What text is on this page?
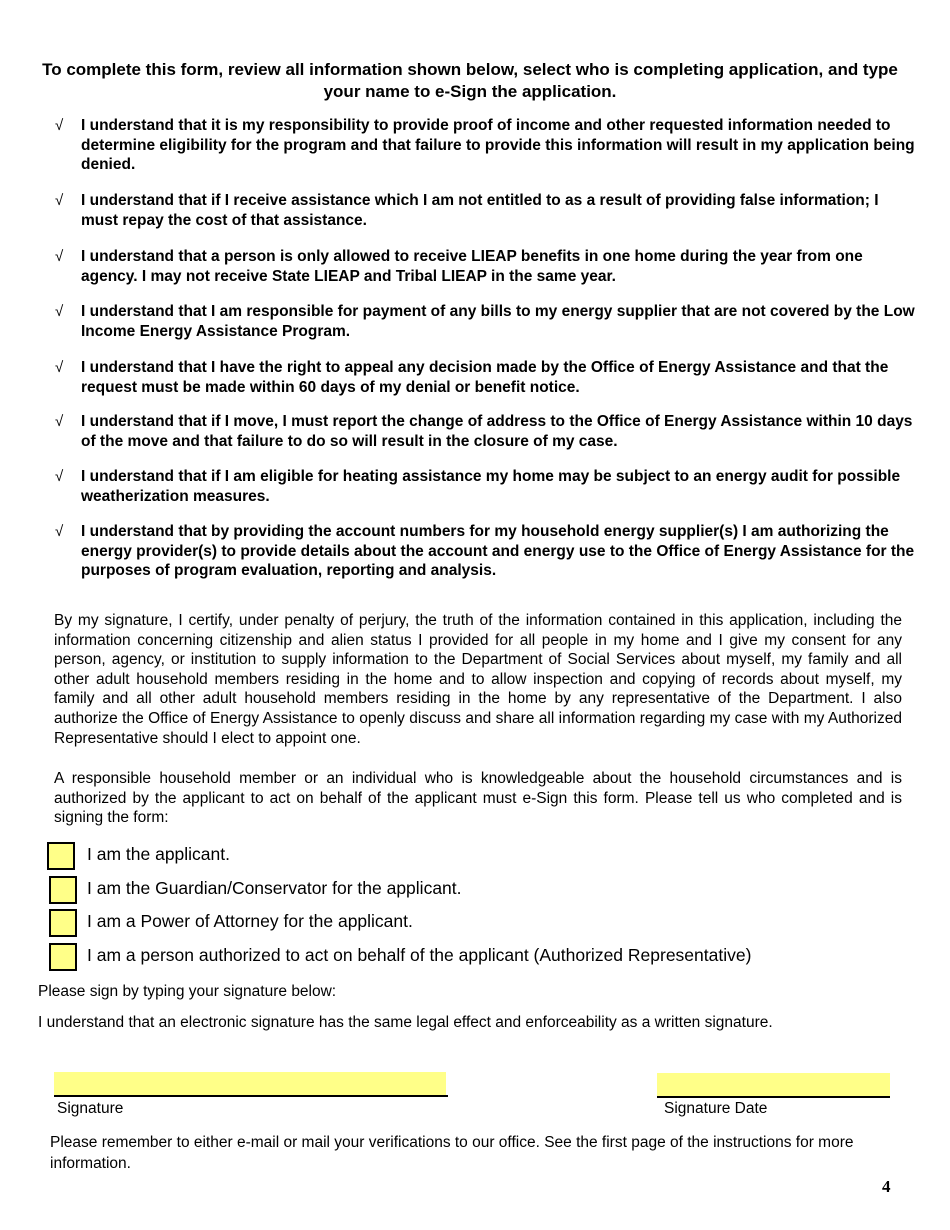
To complete this form, review all information shown below, select who is completing application, and type your name to e-Sign the application.
√ I understand that it is my responsibility to provide proof of income and other requested information needed to determine eligibility for the program and that failure to provide this information will result in my application being denied.
√ I understand that if I receive assistance which I am not entitled to as a result of providing false information; I must repay the cost of that assistance.
√ I understand that a person is only allowed to receive LIEAP benefits in one home during the year from one agency. I may not receive State LIEAP and Tribal LIEAP in the same year.
√ I understand that I am responsible for payment of any bills to my energy supplier that are not covered by the Low Income Energy Assistance Program.
√ I understand that I have the right to appeal any decision made by the Office of Energy Assistance and that the request must be made within 60 days of my denial or benefit notice.
√ I understand that if I move, I must report the change of address to the Office of Energy Assistance within 10 days of the move and that failure to do so will result in the closure of my case.
√ I understand that if I am eligible for heating assistance my home may be subject to an energy audit for possible weatherization measures.
√ I understand that by providing the account numbers for my household energy supplier(s) I am authorizing the energy provider(s) to provide details about the account and energy use to the Office of Energy Assistance for the purposes of program evaluation, reporting and analysis.
By my signature, I certify, under penalty of perjury, the truth of the information contained in this application, including the information concerning citizenship and alien status I provided for all people in my home and I give my consent for any person, agency, or institution to supply information to the Department of Social Services about myself, my family and all other adult household members residing in the home and to allow inspection and copying of records about myself, my family and all other adult household members residing in the home by any representative of the Department. I also authorize the Office of Energy Assistance to openly discuss and share all information regarding my case with my Authorized Representative should I elect to appoint one.
A responsible household member or an individual who is knowledgeable about the household circumstances and is authorized by the applicant to act on behalf of the applicant must e-Sign this form. Please tell us who completed and is signing the form:
I am the applicant.
I am the Guardian/Conservator for the applicant.
I am a Power of Attorney for the applicant.
I am a person authorized to act on behalf of the applicant (Authorized Representative)
Please sign by typing your signature below:
I understand that an electronic signature has the same legal effect and enforceability as a written signature.
Signature	Signature Date
Please remember to either e-mail or mail your verifications to our office. See the first page of the instructions for more information.
4
